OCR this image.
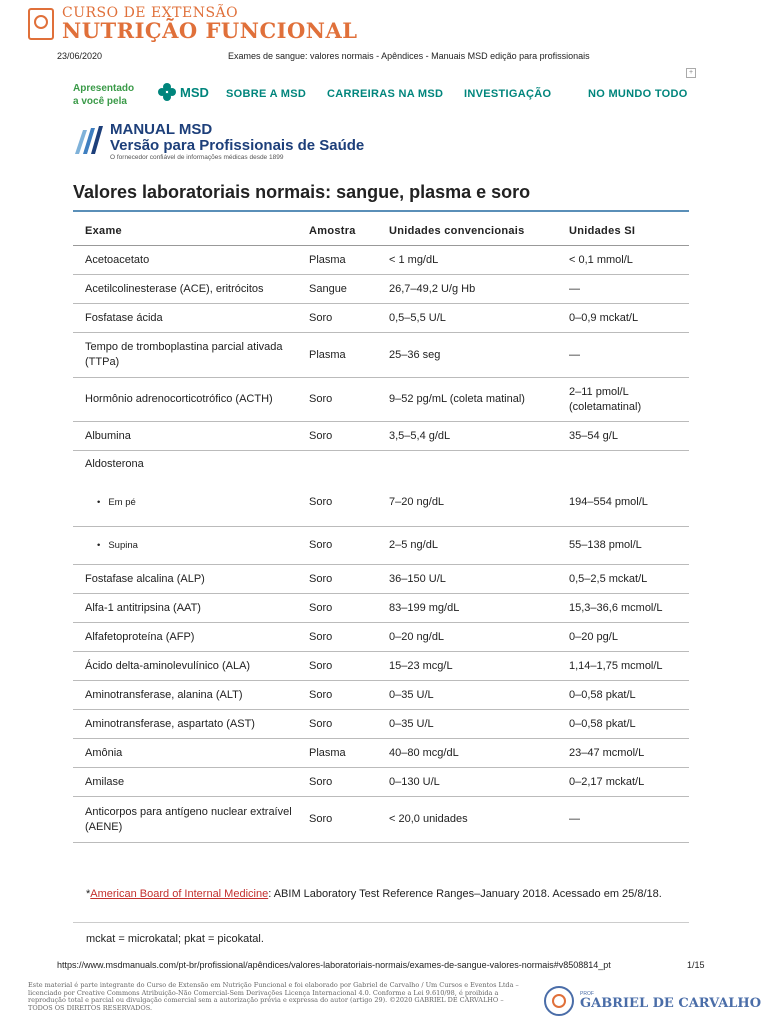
CURSO DE EXTENSÃO
NUTRIÇÃO FUNCIONAL
23/06/2020	Exames de sangue: valores normais - Apêndices - Manuais MSD edição para profissionais
+
Apresentado
a você pela
MSD SOBRE A MSD CARREIRAS NA MSD INVESTIGAÇÃO	NO MUNDO TODO
MANUAL MSD
Versão para Profissionais de Saúde
O fornecedor confiável de informações médicas desde 1899
Valores laboratoriais normais: sangue, plasma e soro
Exame	Amostra	Unidades convencionais	Unidades SI
Acetoacetato	Plasma	< 1 mg/dL	< 0,1 mmol/L
Acetilcolinesterase (ACE), eritrócitos	Sangue	26,7–49,2 U/g Hb	—
Fosfatase ácida	Soro	0,5–5,5 U/L	0–0,9 mckat/L
Tempo de tromboplastina parcial ativada (TTPa)	Plasma	25–36 seg	—
Hormônio adrenocorticotrófico (ACTH)	Soro	9–52 pg/mL (coleta matinal)	2–11 pmol/L (coletamatinal)
Albumina	Soro	3,5–5,4 g/dL	35–54 g/L
Aldosterona			
• Em pé	Soro	7–20 ng/dL	194–554 pmol/L
• Supina	Soro	2–5 ng/dL	55–138 pmol/L
Fostafase alcalina (ALP)	Soro	36–150 U/L	0,5–2,5 mckat/L
Alfa-1 antitripsina (AAT)	Soro	83–199 mg/dL	15,3–36,6 mcmol/L
Alfafetoproteína (AFP)	Soro	0–20 ng/dL	0–20 pg/L
Ácido delta-aminolevulínico (ALA)	Soro	15–23 mcg/L	1,14–1,75 mcmol/L
Aminotransferase, alanina (ALT)	Soro	0–35 U/L	0–0,58 pkat/L
Aminotransferase, aspartato (AST)	Soro	0–35 U/L	0–0,58 pkat/L
Amônia	Plasma	40–80 mcg/dL	23–47 mcmol/L
Amilase	Soro	0–130 U/L	0–2,17 mckat/L
Anticorpos para antígeno nuclear extraível (AENE)	Soro	< 20,0 unidades	—
*American Board of Internal Medicine: ABIM Laboratory Test Reference Ranges–January 2018. Acessado em 25/8/18.
mckat = microkatal; pkat = picokatal.
https://www.msdmanuals.com/pt-br/profissional/apêndices/valores-laboratoriais-normais/exames-de-sangue-valores-normais#v8508814_pt	1/15
Este material é parte integrante do Curso de Extensão em Nutrição Funcional e foi elaborado por Gabriel de Carvalho / Um Cursos e Eventos Ltda – licenciado por Creative Commons Atribuição-Não Comercial-Sem Derivações Licença Internacional 4.0. Conforme a Lei 9.610/98, é proibida a reprodução total e parcial ou divulgação comercial sem a autorização prévia e expressa do autor (artigo 29). ©2020 GABRIEL DE CARVALHO – TODOS OS DIREITOS RESERVADOS.
PROF
GABRIEL DE CARVALHO
